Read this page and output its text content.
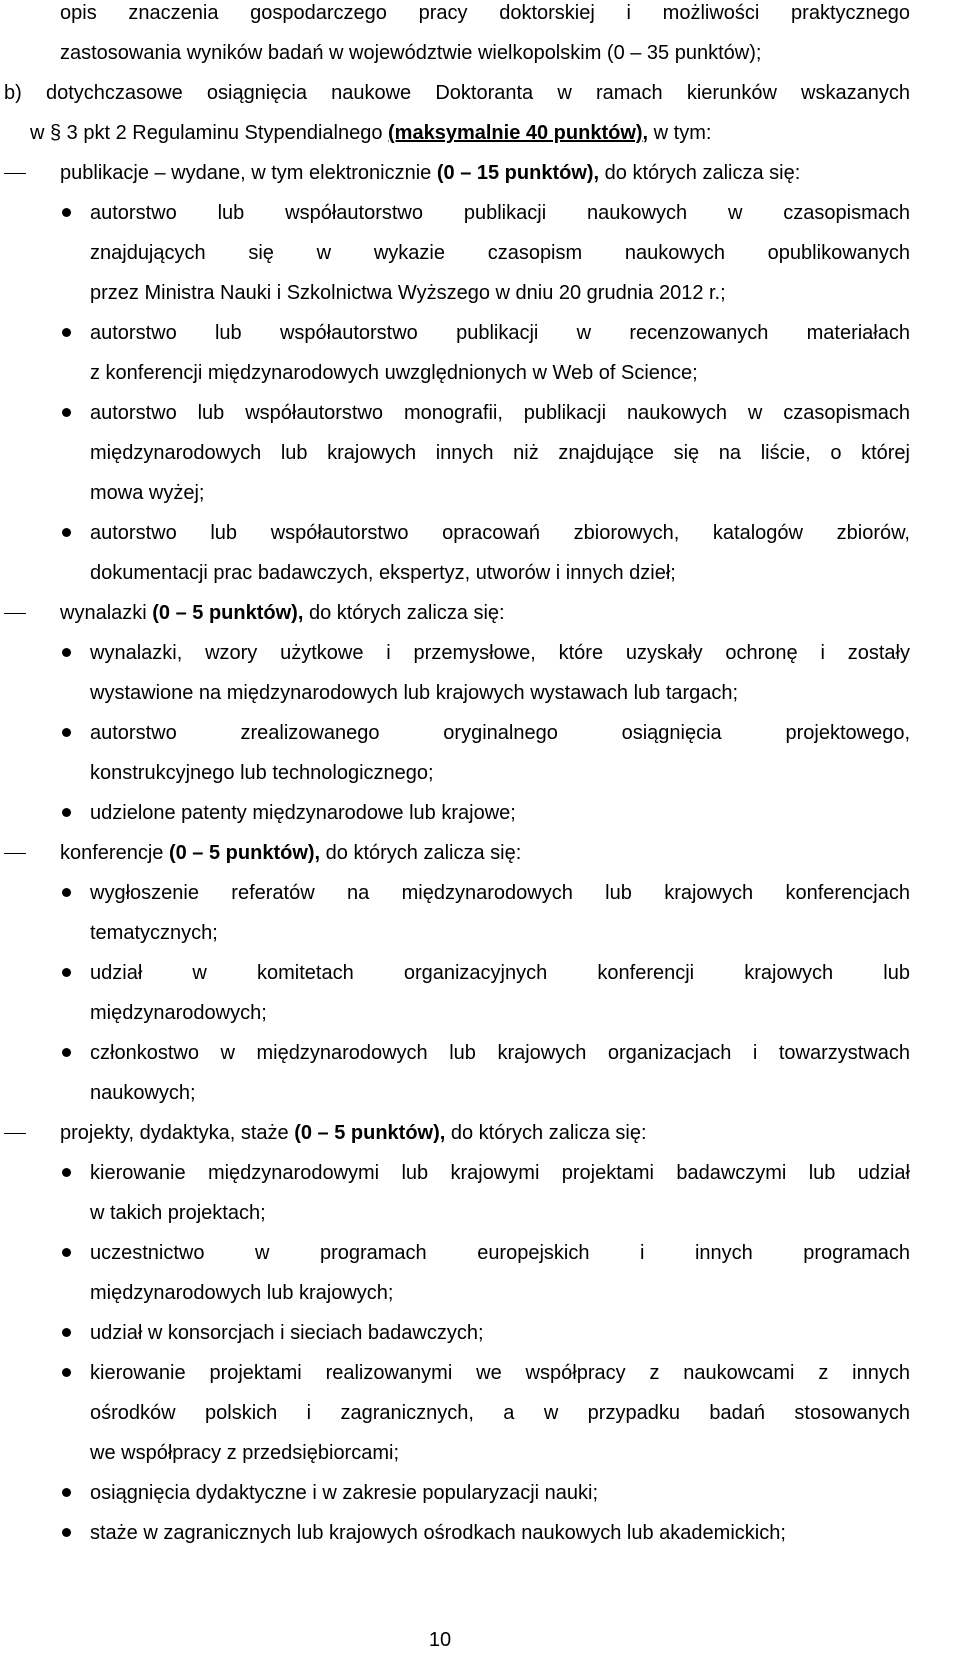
opis znaczenia gospodarczego pracy doktorskiej i możliwości praktycznego
zastosowania wyników badań w województwie wielkopolskim (0 – 35 punktów);
b) dotychczasowe osiągnięcia naukowe Doktoranta w ramach kierunków wskazanych
w § 3 pkt 2 Regulaminu Stypendialnego (maksymalnie 40 punktów), w tym:
publikacje – wydane, w tym elektronicznie (0 – 15 punktów), do których zalicza się:
autorstwo lub współautorstwo publikacji naukowych w czasopismach
znajdujących się w wykazie czasopism naukowych opublikowanych
przez Ministra Nauki i Szkolnictwa Wyższego w dniu 20 grudnia 2012 r.;
autorstwo lub współautorstwo publikacji w recenzowanych materiałach
z konferencji międzynarodowych uwzględnionych w Web of Science;
autorstwo lub współautorstwo monografii, publikacji naukowych w czasopismach
międzynarodowych lub krajowych innych niż znajdujące się na liście, o której
mowa wyżej;
autorstwo lub współautorstwo opracowań zbiorowych, katalogów zbiorów,
dokumentacji prac badawczych, ekspertyz, utworów i innych dzieł;
wynalazki (0 – 5 punktów), do których zalicza się:
wynalazki, wzory użytkowe i przemysłowe, które uzyskały ochronę i zostały
wystawione na międzynarodowych lub krajowych wystawach lub targach;
autorstwo zrealizowanego oryginalnego osiągnięcia projektowego,
konstrukcyjnego lub technologicznego;
udzielone patenty międzynarodowe lub krajowe;
konferencje (0 – 5 punktów), do których zalicza się:
wygłoszenie referatów na międzynarodowych lub krajowych konferencjach
tematycznych;
udział w komitetach organizacyjnych konferencji krajowych lub
międzynarodowych;
członkostwo w międzynarodowych lub krajowych organizacjach i towarzystwach
naukowych;
projekty, dydaktyka, staże (0 – 5 punktów), do których zalicza się:
kierowanie międzynarodowymi lub krajowymi projektami badawczymi lub udział
w takich projektach;
uczestnictwo w programach europejskich i innych programach
międzynarodowych lub krajowych;
udział w konsorcjach i sieciach badawczych;
kierowanie projektami realizowanymi we współpracy z naukowcami z innych
ośrodków polskich i zagranicznych, a w przypadku badań stosowanych
we współpracy z przedsiębiorcami;
osiągnięcia dydaktyczne i w zakresie popularyzacji nauki;
staże w zagranicznych lub krajowych ośrodkach naukowych lub akademickich;
10
